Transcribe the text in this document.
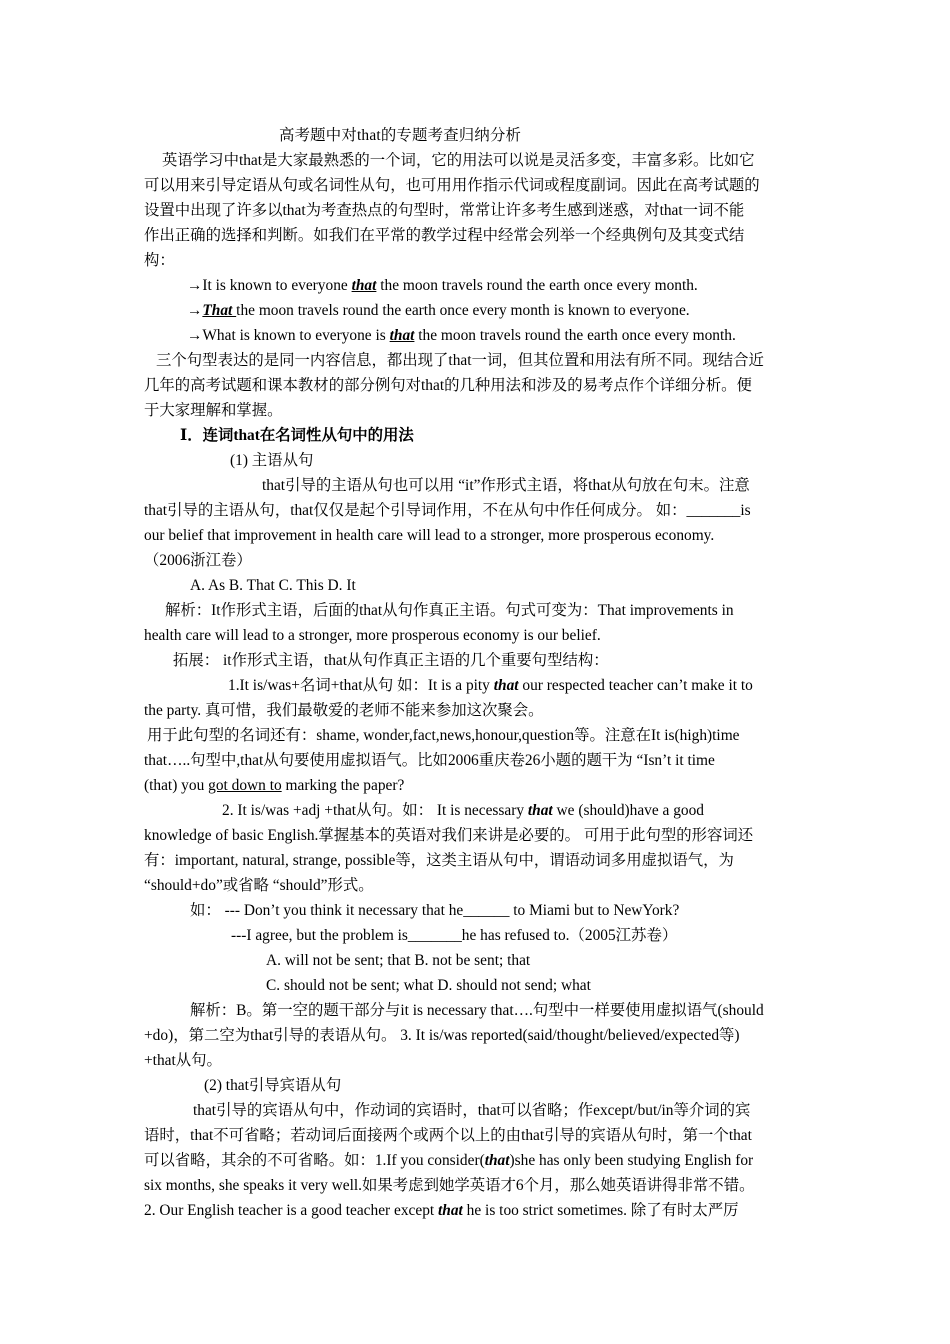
高考题中对that的专题考查归纳分析
英语学习中that是大家最熟悉的一个词，它的用法可以说是灵活多变，丰富多彩。比如它
可以用来引导定语从句或名词性从句，也可用用作指示代词或程度副词。因此在高考试题的
设置中出现了许多以that为考查热点的句型时，常常让许多考生感到迷惑，对that一词不能
作出正确的选择和判断。如我们在平常的教学过程中经常会列举一个经典例句及其变式结
构：
→It is known to everyone that the moon travels round the earth once every month.
→That the moon travels round the earth once every month is known to everyone.
→What is known to everyone is that the moon travels round the earth once every month.
三个句型表达的是同一内容信息，都出现了that一词，但其位置和用法有所不同。现结合近
几年的高考试题和课本教材的部分例句对that的几种用法和涉及的易考点作个详细分析。便
于大家理解和掌握。
Ⅰ．连词that在名词性从句中的用法
(1) 主语从句
that引导的主语从句也可以用 “it”作形式主语，将that从句放在句末。注意
that引导的主语从句，that仅仅是起个引导词作用，不在从句中作任何成分。 如：_______is
our belief that improvement in health care will lead to a stronger, more prosperous economy.
（2006浙江卷）
A. As B. That C. This D. It
解析：It作形式主语，后面的that从句作真正主语。句式可变为：That improvements in
health care will lead to a stronger, more prosperous economy is our belief.
拓展： it作形式主语，that从句作真正主语的几个重要句型结构：
1.It is/was+名词+that从句 如：It is a pity that our respected teacher can’t make it to
the party. 真可惜，我们最敬爱的老师不能来参加这次聚会。
用于此句型的名词还有：shame, wonder,fact,news,honour,question等。注意在It is(high)time
that…..句型中,that从句要使用虚拟语气。比如2006重庆卷26小题的题干为 “Isn’t it time
(that) you got down to marking the paper?
2. It is/was +adj +that从句。如： It is necessary that we (should)have a good
knowledge of basic English.掌握基本的英语对我们来讲是必要的。 可用于此句型的形容词还
有：important, natural, strange, possible等，这类主语从句中，谓语动词多用虚拟语气，为
“should+do”或省略 “should”形式。
如： --- Don’t you think it necessary that he______ to Miami but to NewYork?
---I agree, but the problem is_______he has refused to.（2005江苏卷）
A. will not be sent; that B. not be sent; that
C. should not be sent; what D. should not send; what
解析：B。第一空的题干部分与it is necessary that….句型中一样要使用虚拟语气(should
+do)，第二空为that引导的表语从句。 3. It is/was reported(said/thought/believed/expected等)
+that从句。
(2) that引导宾语从句
that引导的宾语从句中，作动词的宾语时，that可以省略；作except/but/in等介词的宾
语时，that不可省略；若动词后面接两个或两个以上的由that引导的宾语从句时，第一个that
可以省略，其余的不可省略。如：1.If you consider(that)she has only been studying English for
six months, she speaks it very well.如果考虑到她学英语才6个月，那么她英语讲得非常不错。
2. Our English teacher is a good teacher except that he is too strict sometimes. 除了有时太严厉
